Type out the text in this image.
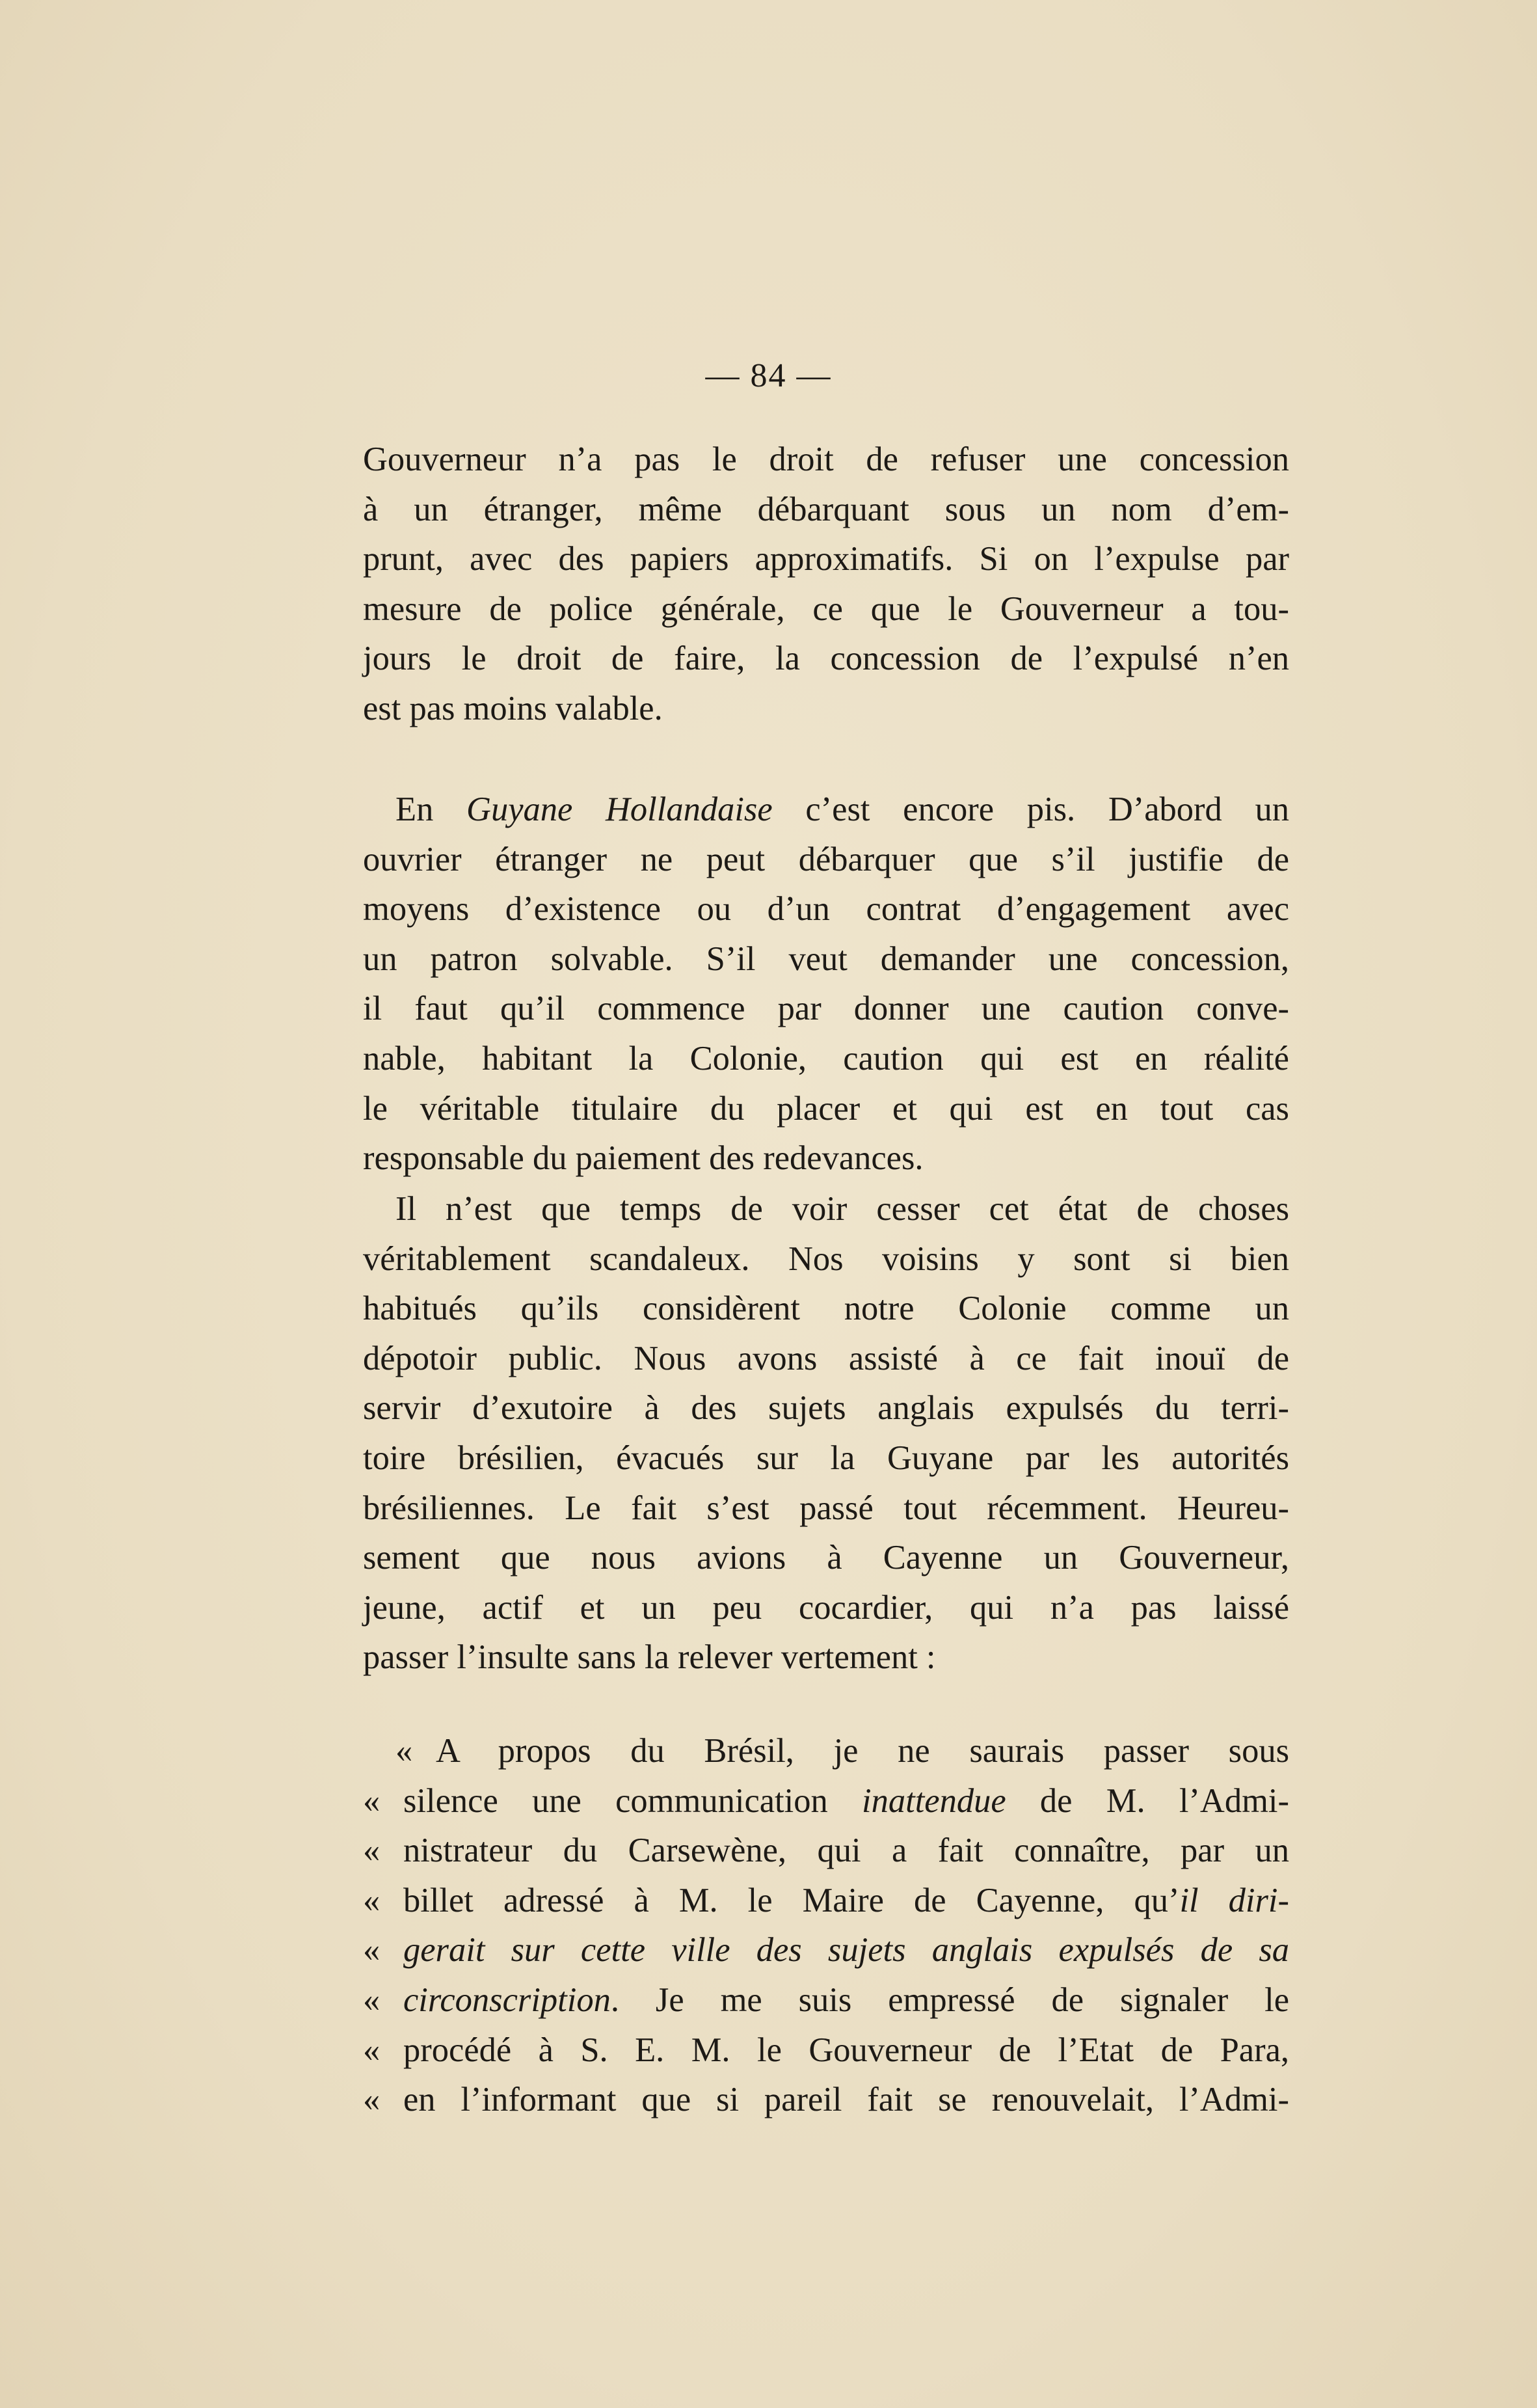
— 84 —
Gouverneur n’a pas le droit de refuser une concession
à un étranger, même débarquant sous un nom d’em-
prunt, avec des papiers approximatifs. Si on l’expulse par
mesure de police générale, ce que le Gouverneur a tou-
jours le droit de faire, la concession de l’expulsé n’en
est pas moins valable.
En Guyane Hollandaise c’est encore pis. D’abord un
ouvrier étranger ne peut débarquer que s’il justifie de
moyens d’existence ou d’un contrat d’engagement avec
un patron solvable. S’il veut demander une concession,
il faut qu’il commence par donner une caution conve-
nable, habitant la Colonie, caution qui est en réalité
le véritable titulaire du placer et qui est en tout cas
responsable du paiement des redevances.
Il n’est que temps de voir cesser cet état de choses
véritablement scandaleux. Nos voisins y sont si bien
habitués qu’ils considèrent notre Colonie comme un
dépotoir public. Nous avons assisté à ce fait inouï de
servir d’exutoire à des sujets anglais expulsés du terri-
toire brésilien, évacués sur la Guyane par les autorités
brésiliennes. Le fait s’est passé tout récemment. Heureu-
sement que nous avions à Cayenne un Gouverneur,
jeune, actif et un peu cocardier, qui n’a pas laissé
passer l’insulte sans la relever vertement :
« A propos du Brésil, je ne saurais passer sous
« silence une communication inattendue de M. l’Admi-
« nistrateur du Carsewène, qui a fait connaître, par un
« billet adressé à M. le Maire de Cayenne, qu’il diri-
« gerait sur cette ville des sujets anglais expulsés de sa
« circonscription. Je me suis empressé de signaler le
« procédé à S. E. M. le Gouverneur de l’Etat de Para,
« en l’informant que si pareil fait se renouvelait, l’Admi-
